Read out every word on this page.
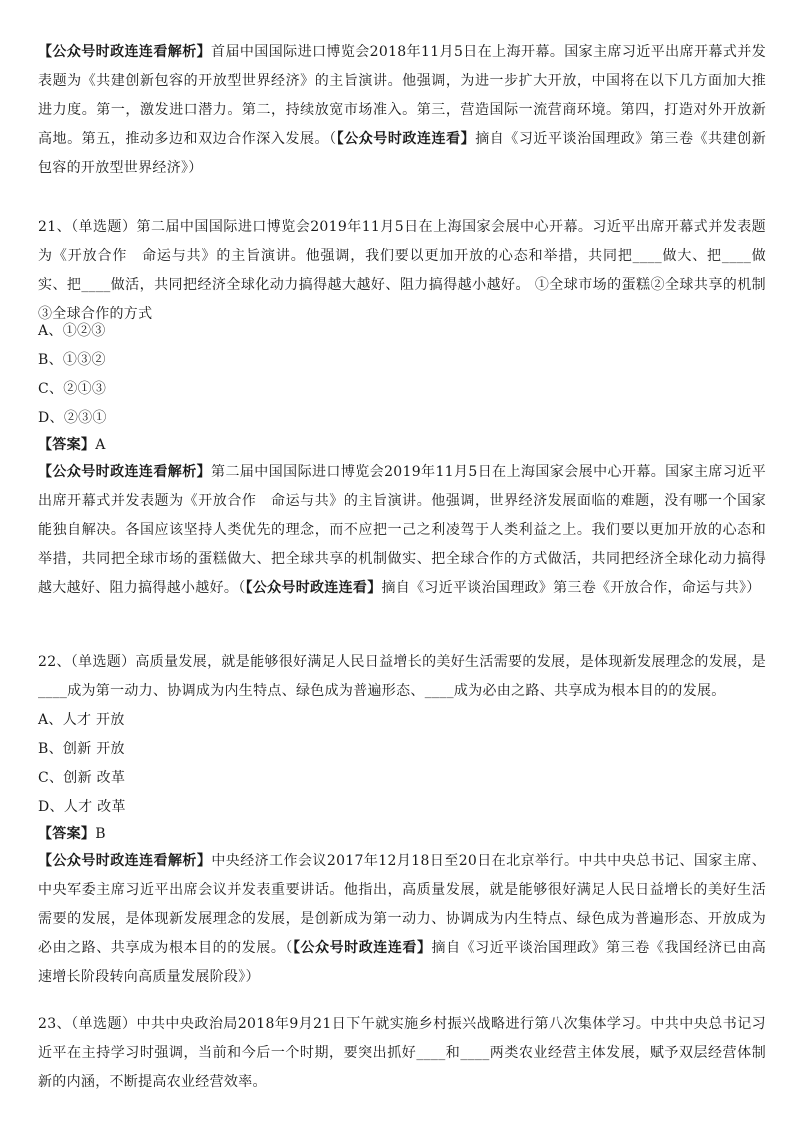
【公众号时政连连看解析】首届中国国际进口博览会2018年11月5日在上海开幕。国家主席习近平出席开幕式并发表题为《共建创新包容的开放型世界经济》的主旨演讲。他强调，为进一步扩大开放，中国将在以下几方面加大推进力度。第一，激发进口潜力。第二，持续放宽市场准入。第三，营造国际一流营商环境。第四，打造对外开放新高地。第五，推动多边和双边合作深入发展。（【公众号时政连连看】摘自《习近平谈治国理政》第三卷《共建创新包容的开放型世界经济》）

21、（单选题）第二届中国国际进口博览会2019年11月5日在上海国家会展中心开幕。习近平出席开幕式并发表题为《开放合作　命运与共》的主旨演讲。他强调，我们要以更加开放的心态和举措，共同把____做大、把____做实、把____做活，共同把经济全球化动力搞得越大越好、阻力搞得越小越好。 ①全球市场的蛋糕②全球共享的机制③全球合作的方式

A、①②③

B、①③②

C、②①③

D、②③①

【答案】A

【公众号时政连连看解析】第二届中国国际进口博览会2019年11月5日在上海国家会展中心开幕。国家主席习近平出席开幕式并发表题为《开放合作　命运与共》的主旨演讲。他强调，世界经济发展面临的难题，没有哪一个国家能独自解决。各国应该坚持人类优先的理念，而不应把一己之利凌驾于人类利益之上。我们要以更加开放的心态和举措，共同把全球市场的蛋糕做大、把全球共享的机制做实、把全球合作的方式做活，共同把经济全球化动力搞得越大越好、阻力搞得越小越好。（【公众号时政连连看】摘自《习近平谈治国理政》第三卷《开放合作，命运与共》）

22、（单选题）高质量发展，就是能够很好满足人民日益增长的美好生活需要的发展，是体现新发展理念的发展，是____成为第一动力、协调成为内生特点、绿色成为普遍形态、____成为必由之路、共享成为根本目的的发展。

A、人才 开放

B、创新 开放

C、创新 改革

D、人才 改革

【答案】B

【公众号时政连连看解析】中央经济工作会议2017年12月18日至20日在北京举行。中共中央总书记、国家主席、中央军委主席习近平出席会议并发表重要讲话。他指出，高质量发展，就是能够很好满足人民日益增长的美好生活需要的发展，是体现新发展理念的发展，是创新成为第一动力、协调成为内生特点、绿色成为普遍形态、开放成为必由之路、共享成为根本目的的发展。（【公众号时政连连看】摘自《习近平谈治国理政》第三卷《我国经济已由高速增长阶段转向高质量发展阶段》）

23、（单选题）中共中央政治局2018年9月21日下午就实施乡村振兴战略进行第八次集体学习。中共中央总书记习近平在主持学习时强调，当前和今后一个时期，要突出抓好____和____两类农业经营主体发展，赋予双层经营体制新的内涵，不断提高农业经营效率。
